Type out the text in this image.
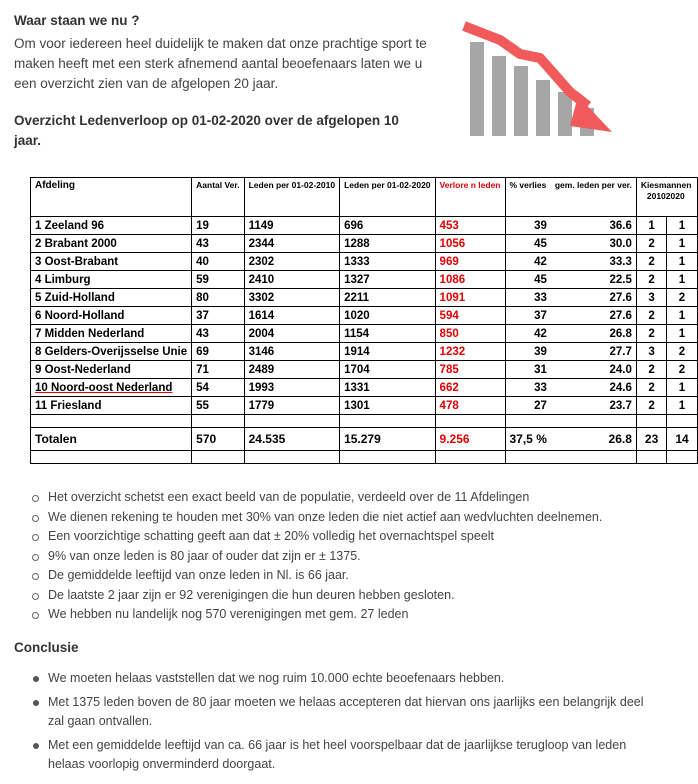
Waar staan we nu ?
Om voor iedereen heel duidelijk te maken dat onze prachtige sport te maken heeft met een sterk afnemend aantal beoefenaars laten we u een overzicht zien van de afgelopen 20 jaar.
Overzicht Ledenverloop op 01-02-2020 over de afgelopen 10 jaar.
Afdeling	Aantal Ver.	Leden per 01-02-2010	Leden per 01-02-2020	Verlore n leden	% verlies	gem. leden per ver.	Kiesmannen
2010 2020	

1 Zeeland 96	19	1149	696	453	39	36.6	1	1
2 Brabant 2000	43	2344	1288	1056	45	30.0	2	1
3 Oost-Brabant	40	2302	1333	969	42	33.3	2	1
4 Limburg	59	2410	1327	1086	45	22.5	2	1
5 Zuid-Holland	80	3302	2211	1091	33	27.6	3	2
6 Noord-Holland	37	1614	1020	594	37	27.6	2	1
7 Midden Nederland	43	2004	1154	850	42	26.8	2	1
8 Gelders-Overijsselse Unie	69	3146	1914	1232	39	27.7	3	2
9 Oost-Nederland	71	2489	1704	785	31	24.0	2	2
10 Noord-oost Nederland	54	1993	1331	662	33	24.6	2	1
11 Friesland	55	1779	1301	478	27	23.7	2	1

Totalen	570	24.535	15.279	9.256	37,5 %	26.8	23	14

Het overzicht schetst een exact beeld van de populatie, verdeeld over de 11 Afdelingen
We dienen rekening te houden met 30% van onze leden die niet actief aan wedvluchten deelnemen.
Een voorzichtige schatting geeft aan dat ± 20% volledig het overnachtspel speelt
9% van onze leden is 80 jaar of ouder dat zijn er ± 1375.
De gemiddelde leeftijd van onze leden in Nl. is 66 jaar.
De laatste 2 jaar zijn er 92 verenigingen die hun deuren hebben gesloten.
We hebben nu landelijk nog 570 verenigingen met gem. 27 leden
Conclusie
We moeten helaas vaststellen dat we nog ruim 10.000 echte beoefenaars hebben.
Met 1375 leden boven de 80 jaar moeten we helaas accepteren dat hiervan ons jaarlijks een belangrijk deel zal gaan ontvallen.
Met een gemiddelde leeftijd van ca. 66 jaar is het heel voorspelbaar dat de jaarlijkse terugloop van leden helaas voorlopig onverminderd doorgaat.
